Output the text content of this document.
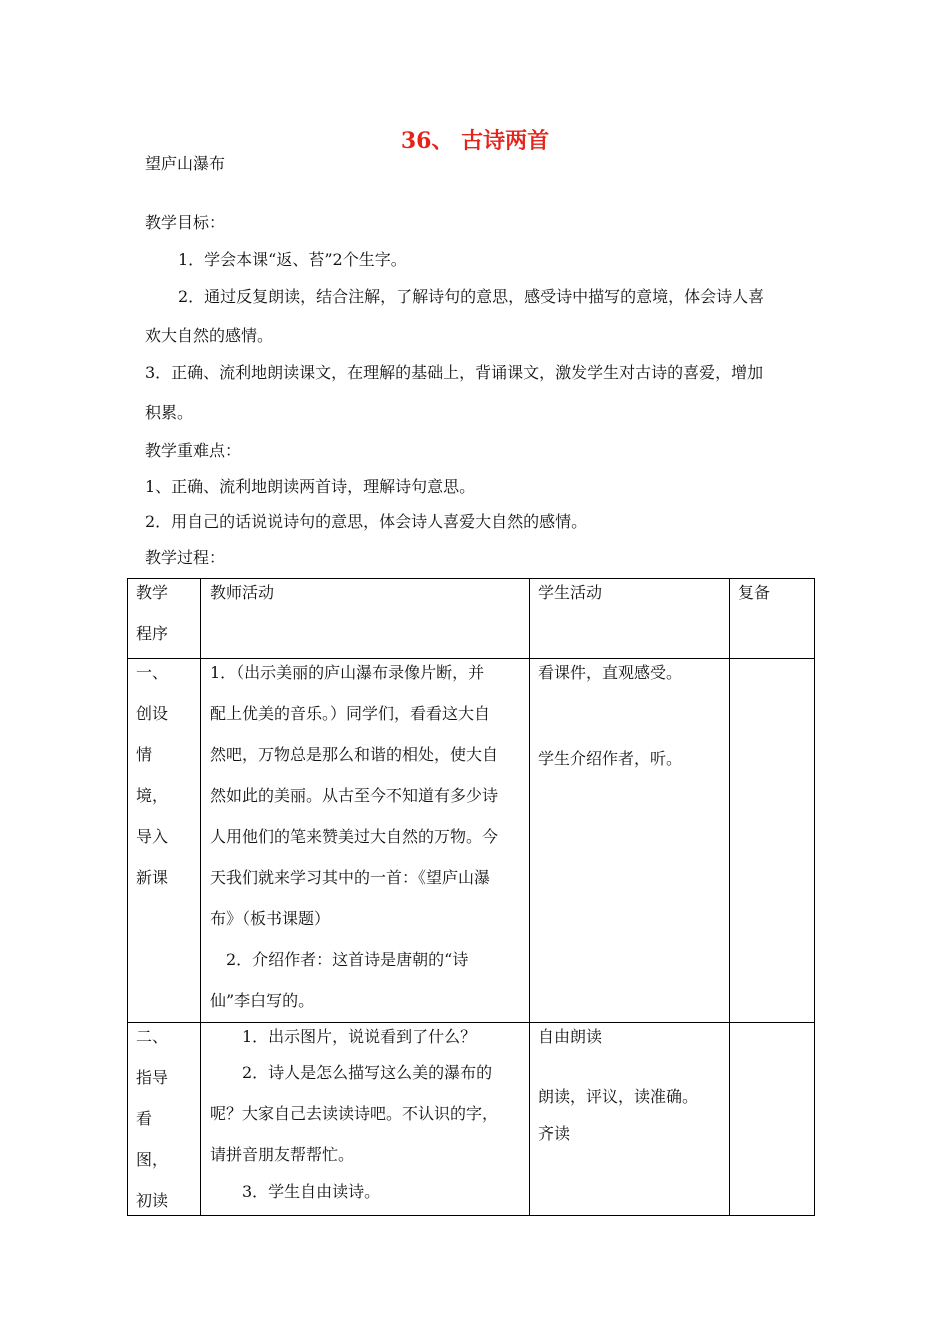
36、 古诗两首
望庐山瀑布
教学目标：
1．学会本课“返、苔”2个生字。
2．通过反复朗读，结合注解，了解诗句的意思，感受诗中描写的意境，体会诗人喜
欢大自然的感情。
3．正确、流利地朗读课文，在理解的基础上，背诵课文，激发学生对古诗的喜爱，增加
积累。
教学重难点：
1、正确、流利地朗读两首诗，理解诗句意思。
2．用自己的话说说诗句的意思，体会诗人喜爱大自然的感情。
教学过程：
教学
程序
教师活动	学生活动	复备
一、
创设
情
境，
导入
新课
1．（出示美丽的庐山瀑布录像片断，并
配上优美的音乐。）同学们，看看这大自
然吧，万物总是那么和谐的相处，使大自
然如此的美丽。从古至今不知道有多少诗
人用他们的笔来赞美过大自然的万物。今
天我们就来学习其中的一首：《望庐山瀑
布》（板书课题）
2．介绍作者：这首诗是唐朝的“诗
仙”李白写的。
看课件，直观感受。
学生介绍作者，听。
二、
指导
看
图，
初读
1．出示图片，说说看到了什么？
2．诗人是怎么描写这么美的瀑布的
呢？大家自己去读读诗吧。不认识的字，
请拼音朋友帮帮忙。
3．学生自由读诗。
自由朗读
朗读，评议，读准确。
齐读
